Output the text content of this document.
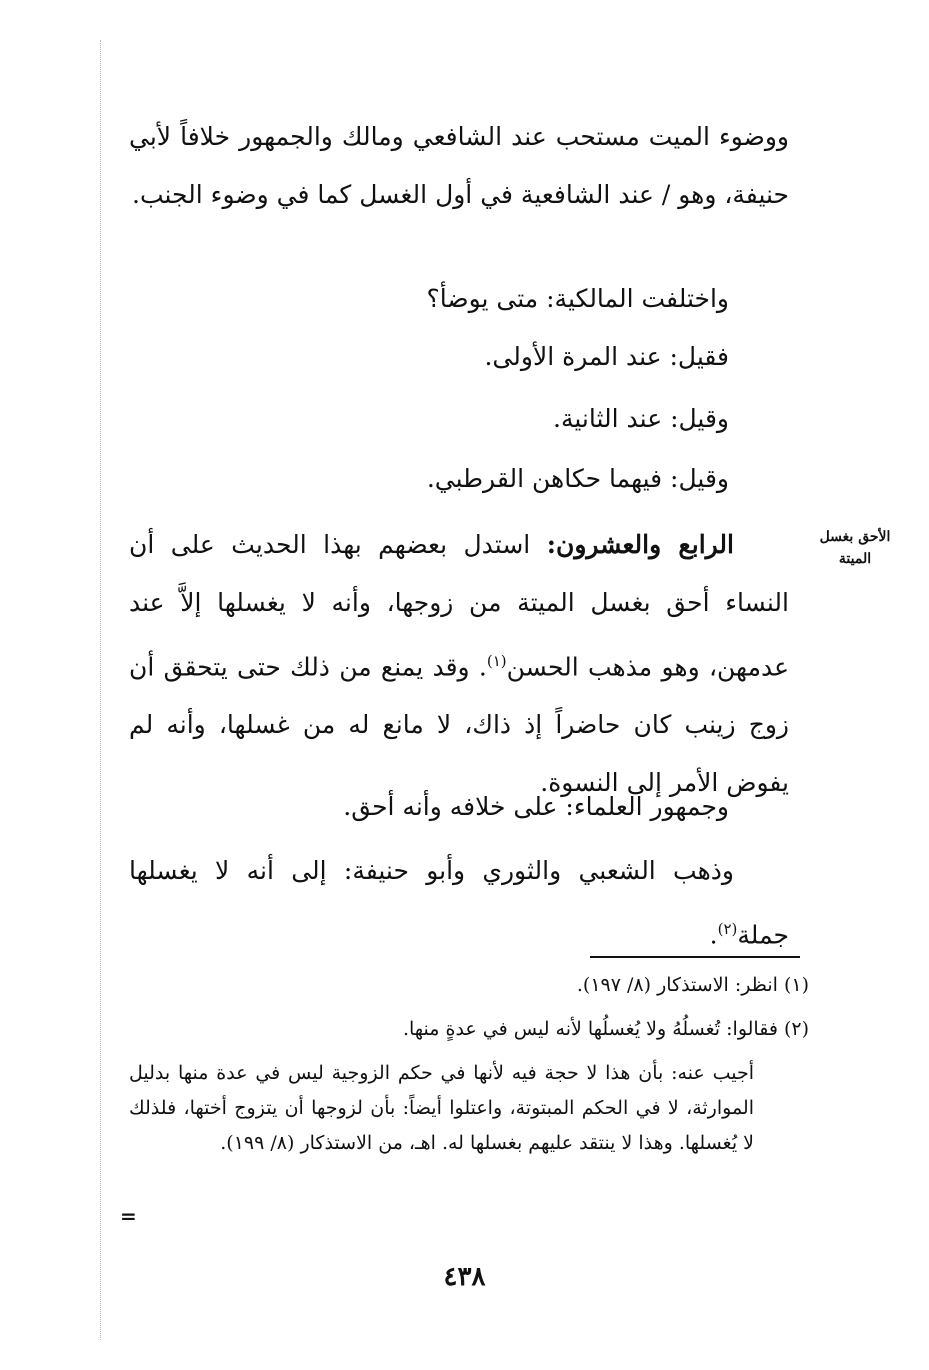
ووضوء الميت مستحب عند الشافعي ومالك والجمهور خلافاً لأبي حنيفة، وهو / عند الشافعية في أول الغسل كما في وضوء الجنب.
واختلفت المالكية: متى يوضأ؟
فقيل: عند المرة الأولى.
وقيل: عند الثانية.
وقيل: فيهما حكاهن القرطبي.
الأحق بغسل الميتة
الرابع والعشرون: استدل بعضهم بهذا الحديث على أن النساء أحق بغسل الميتة من زوجها، وأنه لا يغسلها إلاَّ عند عدمهن، وهو مذهب الحسن$^{(١)}$. وقد يمنع من ذلك حتى يتحقق أن زوج زينب كان حاضراً إذ ذاك، لا مانع له من غسلها، وأنه لم يفوض الأمر إلى النسوة.
وجمهور العلماء: على خلافه وأنه أحق.
وذهب الشعبي والثوري وأبو حنيفة: إلى أنه لا يغسلها جملة$^{(٢)}$.
(١) انظر: الاستذكار (٨/ ١٩٧).
(٢) فقالوا: تُغسلُهُ ولا يُغسلُها لأنه ليس في عدةٍ منها.
أجيب عنه: بأن هذا لا حجة فيه لأنها في حكم الزوجية ليس في عدة منها بدليل الموارثة، لا في الحكم المبتوتة، واعتلوا أيضاً: بأن لزوجها أن يتزوج أختها، فلذلك لا يُغسلها. وهذا لا ينتقد عليهم بغسلها له. اهـ، من الاستذكار (٨/ ١٩٩).
=
٤٣٨
